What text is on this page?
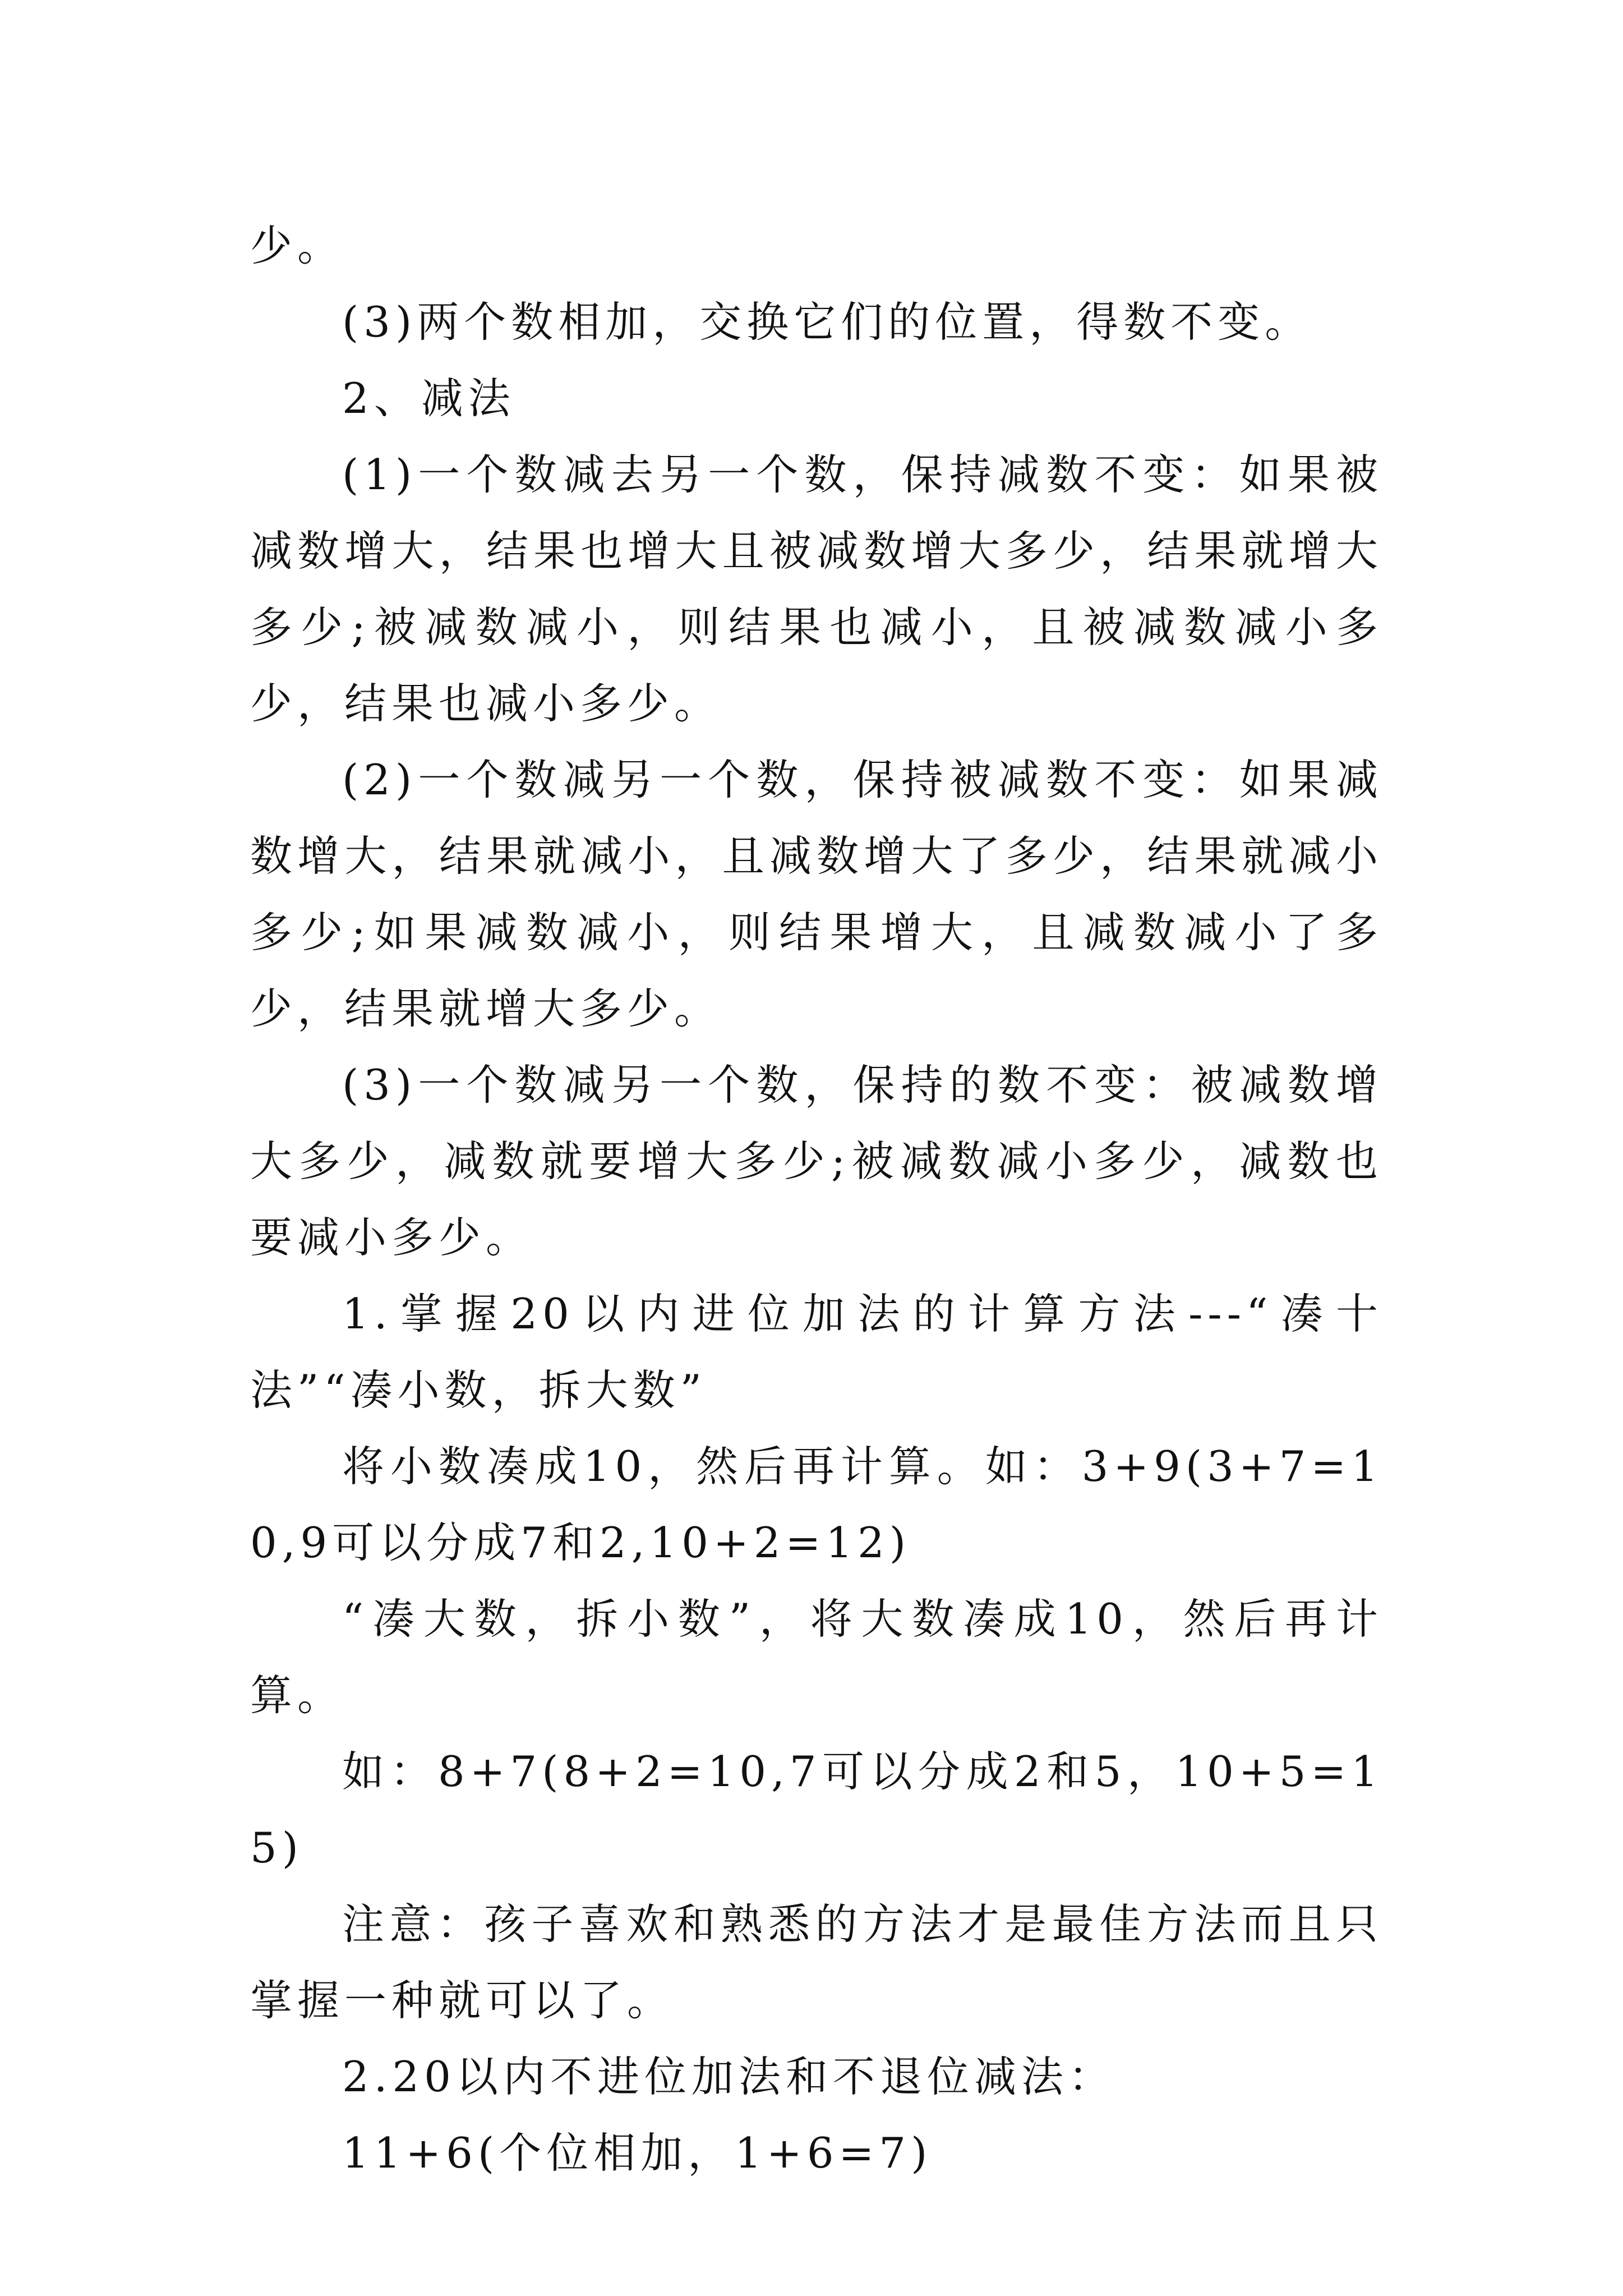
少。

(3)两个数相加，交换它们的位置，得数不变。

2、减法

(1)一个数减去另一个数，保持减数不变：如果被减数增大，结果也增大且被减数增大多少，结果就增大多少;被减数减小，则结果也减小，且被减数减小多少，结果也减小多少。

(2)一个数减另一个数，保持被减数不变：如果减数增大，结果就减小，且减数增大了多少，结果就减小多少;如果减数减小，则结果增大，且减数减小了多少，结果就增大多少。

(3)一个数减另一个数，保持的数不变：被减数增大多少，减数就要增大多少;被减数减小多少，减数也要减小多少。

1.掌握20以内进位加法的计算方法---“凑十法”“凑小数，拆大数”

将小数凑成10，然后再计算。如：3+9(3+7=10,9可以分成7和2,10+2=12)

“凑大数，拆小数”，将大数凑成10，然后再计算。

如：8+7(8+2=10,7可以分成2和5，10+5=15)

注意：孩子喜欢和熟悉的方法才是最佳方法而且只掌握一种就可以了。

2.20以内不进位加法和不退位减法：

11+6(个位相加，1+6=7)
